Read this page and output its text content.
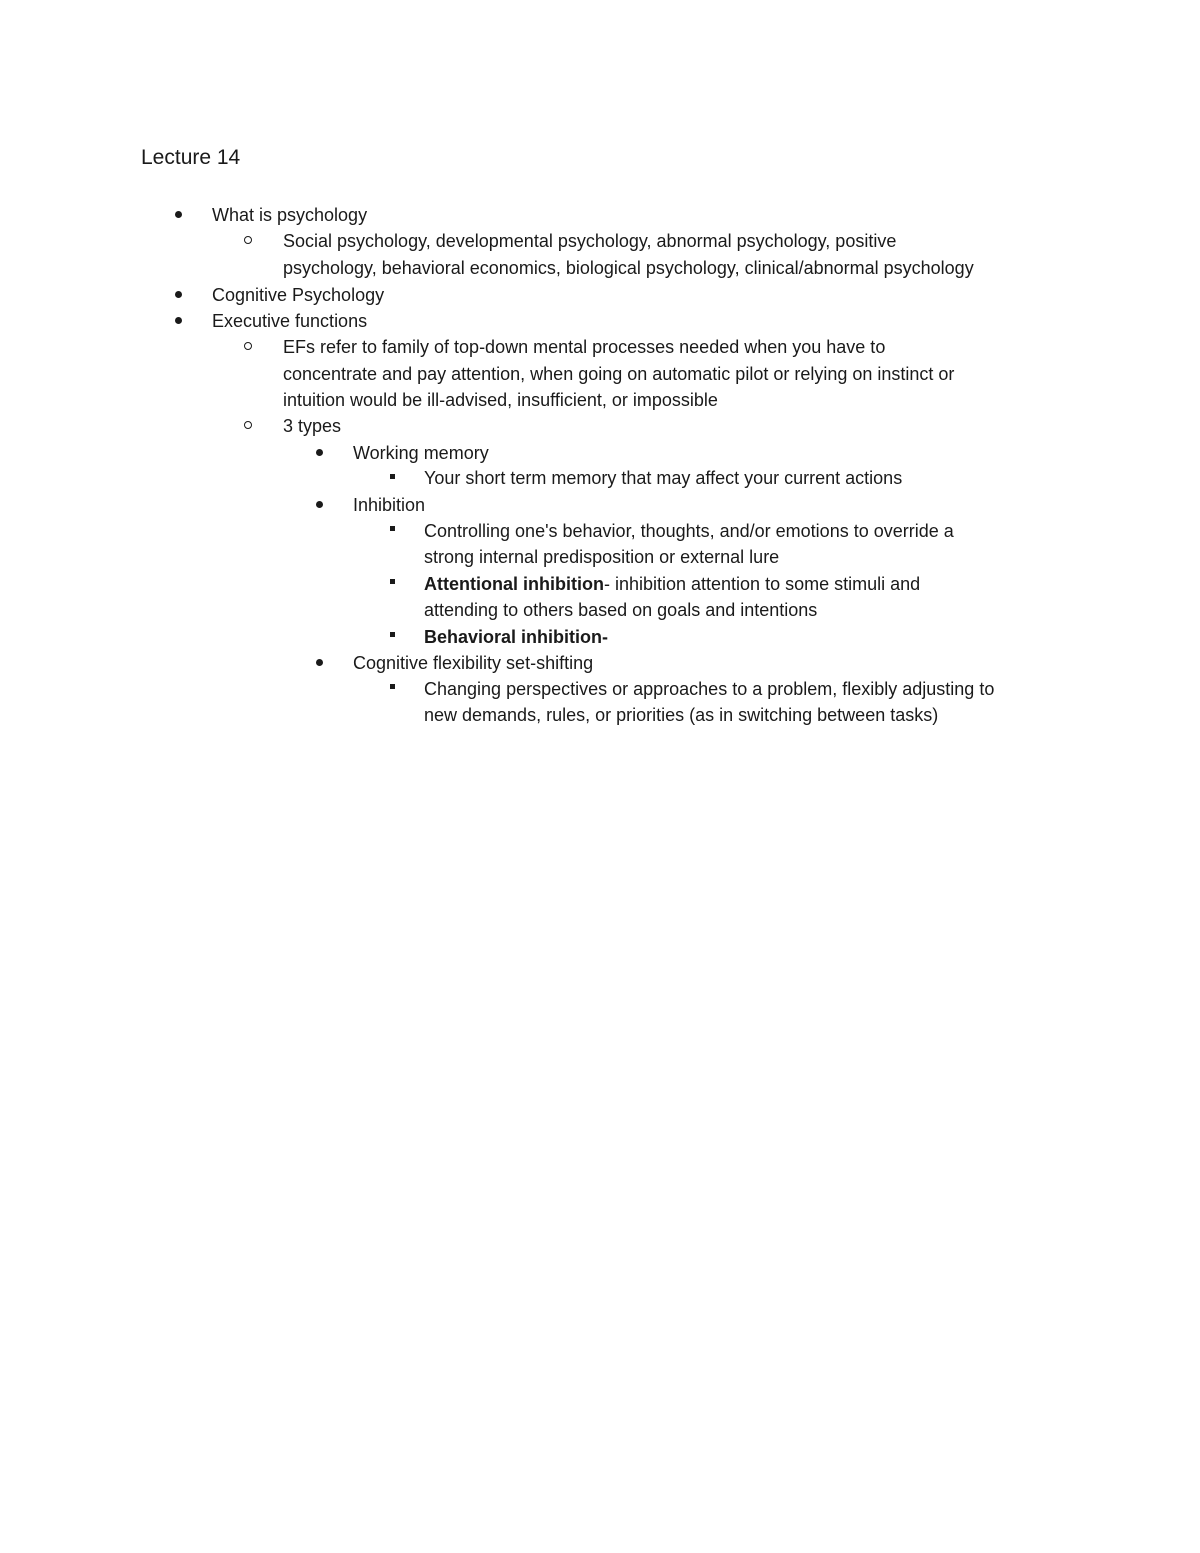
Lecture 14
What is psychology
Social psychology, developmental psychology, abnormal psychology, positive
psychology, behavioral economics, biological psychology, clinical/abnormal psychology
Cognitive Psychology
Executive functions
EFs refer to family of top-down mental processes needed when you have to
concentrate and pay attention, when going on automatic pilot or relying on instinct or
intuition would be ill-advised, insufficient, or impossible
3 types
Working memory
Your short term memory that may affect your current actions
Inhibition
Controlling one's behavior, thoughts, and/or emotions to override a
strong internal predisposition or external lure
Attentional inhibition- inhibition attention to some stimuli and
attending to others based on goals and intentions
Behavioral inhibition-
Cognitive flexibility set-shifting
Changing perspectives or approaches to a problem, flexibly adjusting to
new demands, rules, or priorities (as in switching between tasks)
